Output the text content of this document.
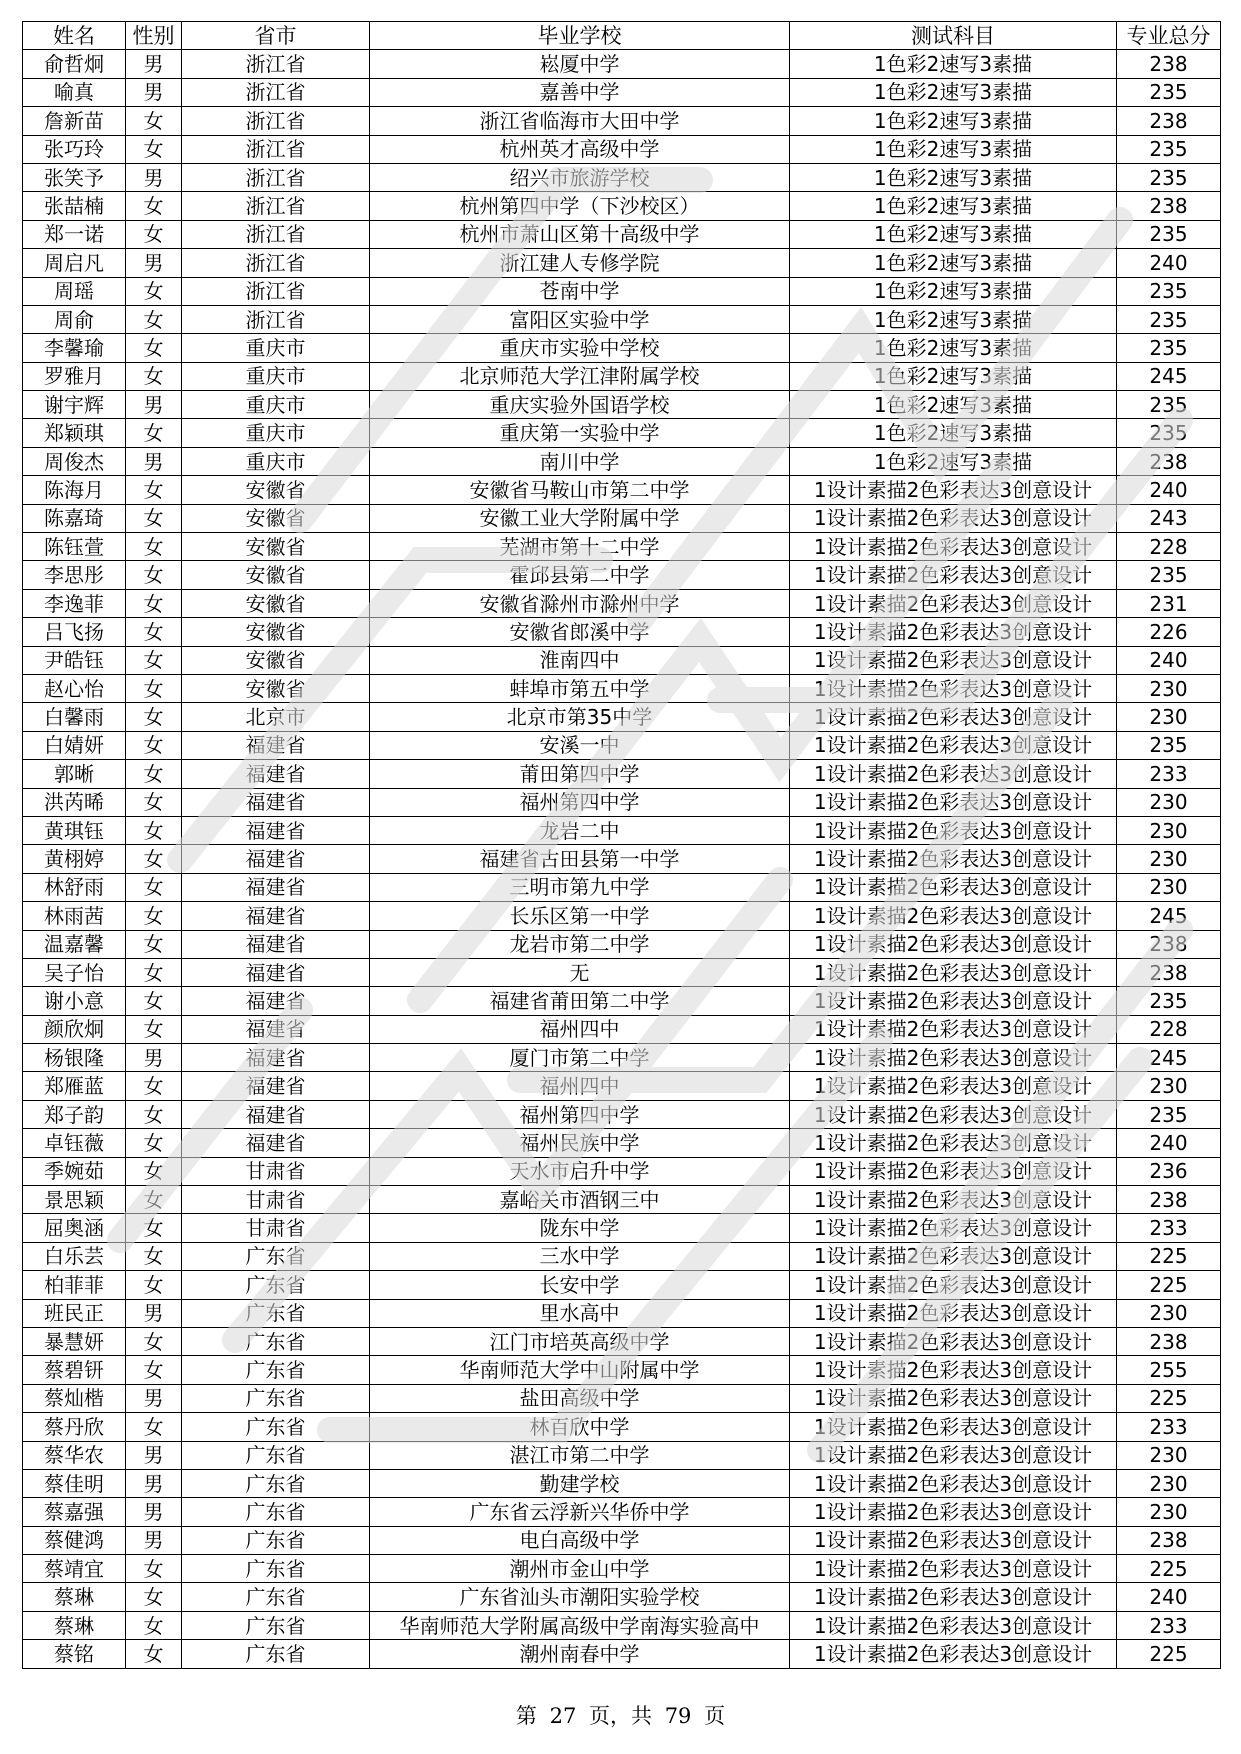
姓名	性别	省市	毕业学校	测试科目	专业总分
俞哲炯	男	浙江省	崧厦中学	1色彩2速写3素描	238
喻真	男	浙江省	嘉善中学	1色彩2速写3素描	235
詹新苗	女	浙江省	浙江省临海市大田中学	1色彩2速写3素描	238
张巧玲	女	浙江省	杭州英才高级中学	1色彩2速写3素描	235
张笑予	男	浙江省	绍兴市旅游学校	1色彩2速写3素描	235
张喆楠	女	浙江省	杭州第四中学（下沙校区）	1色彩2速写3素描	238
郑一诺	女	浙江省	杭州市萧山区第十高级中学	1色彩2速写3素描	235
周启凡	男	浙江省	浙江建人专修学院	1色彩2速写3素描	240
周瑶	女	浙江省	苍南中学	1色彩2速写3素描	235
周俞	女	浙江省	富阳区实验中学	1色彩2速写3素描	235
李馨瑜	女	重庆市	重庆市实验中学校	1色彩2速写3素描	235
罗雅月	女	重庆市	北京师范大学江津附属学校	1色彩2速写3素描	245
谢宇辉	男	重庆市	重庆实验外国语学校	1色彩2速写3素描	235
郑颖琪	女	重庆市	重庆第一实验中学	1色彩2速写3素描	235
周俊杰	男	重庆市	南川中学	1色彩2速写3素描	238
陈海月	女	安徽省	安徽省马鞍山市第二中学	1设计素描2色彩表达3创意设计	240
陈嘉琦	女	安徽省	安徽工业大学附属中学	1设计素描2色彩表达3创意设计	243
陈钰萱	女	安徽省	芜湖市第十二中学	1设计素描2色彩表达3创意设计	228
李思彤	女	安徽省	霍邱县第二中学	1设计素描2色彩表达3创意设计	235
李逸菲	女	安徽省	安徽省滁州市滁州中学	1设计素描2色彩表达3创意设计	231
吕飞扬	女	安徽省	安徽省郎溪中学	1设计素描2色彩表达3创意设计	226
尹皓钰	女	安徽省	淮南四中	1设计素描2色彩表达3创意设计	240
赵心怡	女	安徽省	蚌埠市第五中学	1设计素描2色彩表达3创意设计	230
白馨雨	女	北京市	北京市第35中学	1设计素描2色彩表达3创意设计	230
白婧妍	女	福建省	安溪一中	1设计素描2色彩表达3创意设计	235
郭晰	女	福建省	莆田第四中学	1设计素描2色彩表达3创意设计	233
洪芮晞	女	福建省	福州第四中学	1设计素描2色彩表达3创意设计	230
黄琪钰	女	福建省	龙岩二中	1设计素描2色彩表达3创意设计	230
黄栩婷	女	福建省	福建省古田县第一中学	1设计素描2色彩表达3创意设计	230
林舒雨	女	福建省	三明市第九中学	1设计素描2色彩表达3创意设计	230
林雨茜	女	福建省	长乐区第一中学	1设计素描2色彩表达3创意设计	245
温嘉馨	女	福建省	龙岩市第二中学	1设计素描2色彩表达3创意设计	238
吴子怡	女	福建省	无	1设计素描2色彩表达3创意设计	238
谢小意	女	福建省	福建省莆田第二中学	1设计素描2色彩表达3创意设计	235
颜欣炯	女	福建省	福州四中	1设计素描2色彩表达3创意设计	228
杨银隆	男	福建省	厦门市第二中学	1设计素描2色彩表达3创意设计	245
郑雁蓝	女	福建省	福州四中	1设计素描2色彩表达3创意设计	230
郑子韵	女	福建省	福州第四中学	1设计素描2色彩表达3创意设计	235
卓钰薇	女	福建省	福州民族中学	1设计素描2色彩表达3创意设计	240
季婉茹	女	甘肃省	天水市启升中学	1设计素描2色彩表达3创意设计	236
景思颖	女	甘肃省	嘉峪关市酒钢三中	1设计素描2色彩表达3创意设计	238
屈奥涵	女	甘肃省	陇东中学	1设计素描2色彩表达3创意设计	233
白乐芸	女	广东省	三水中学	1设计素描2色彩表达3创意设计	225
柏菲菲	女	广东省	长安中学	1设计素描2色彩表达3创意设计	225
班民正	男	广东省	里水高中	1设计素描2色彩表达3创意设计	230
暴慧妍	女	广东省	江门市培英高级中学	1设计素描2色彩表达3创意设计	238
蔡碧钘	女	广东省	华南师范大学中山附属中学	1设计素描2色彩表达3创意设计	255
蔡灿楷	男	广东省	盐田高级中学	1设计素描2色彩表达3创意设计	225
蔡丹欣	女	广东省	林百欣中学	1设计素描2色彩表达3创意设计	233
蔡华农	男	广东省	湛江市第二中学	1设计素描2色彩表达3创意设计	230
蔡佳明	男	广东省	勤建学校	1设计素描2色彩表达3创意设计	230
蔡嘉强	男	广东省	广东省云浮新兴华侨中学	1设计素描2色彩表达3创意设计	230
蔡健鸿	男	广东省	电白高级中学	1设计素描2色彩表达3创意设计	238
蔡靖宜	女	广东省	潮州市金山中学	1设计素描2色彩表达3创意设计	225
蔡琳	女	广东省	广东省汕头市潮阳实验学校	1设计素描2色彩表达3创意设计	240
蔡琳	女	广东省	华南师范大学附属高级中学南海实验高中	1设计素描2色彩表达3创意设计	233
蔡铭	女	广东省	潮州南春中学	1设计素描2色彩表达3创意设计	225
第 27 页，共 79 页
